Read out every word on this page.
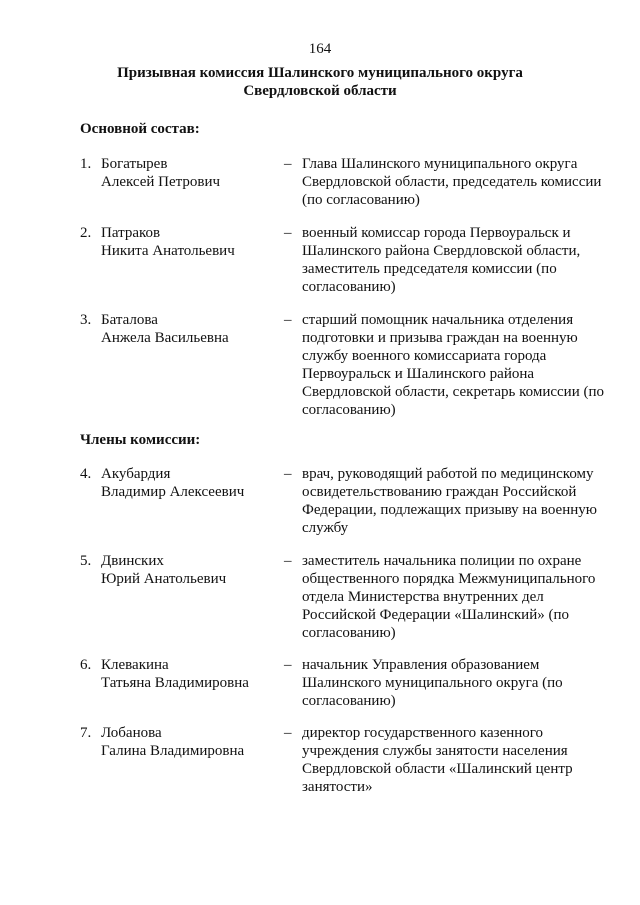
164
Призывная комиссия Шалинского муниципального округа
Свердловской области
Основной состав:
1. Богатырев
Алексей Петрович
– Глава Шалинского муниципального округа Свердловской области, председатель комиссии (по согласованию)
2. Патраков
Никита Анатольевич
– военный комиссар города Первоуральск и Шалинского района Свердловской области, заместитель председателя комиссии (по согласованию)
3. Баталова
Анжела Васильевна
– старший помощник начальника отделения подготовки и призыва граждан на военную службу военного комиссариата города Первоуральск и Шалинского района Свердловской области, секретарь комиссии (по согласованию)
Члены комиссии:
4. Акубардия
Владимир Алексеевич
– врач, руководящий работой по медицинскому освидетельствованию граждан Российской Федерации, подлежащих призыву на военную службу
5. Двинских
Юрий Анатольевич
– заместитель начальника полиции по охране общественного порядка Межмуниципального отдела Министерства внутренних дел Российской Федерации «Шалинский» (по согласованию)
6. Клевакина
Татьяна Владимировна
– начальник Управления образованием Шалинского муниципального округа (по согласованию)
7. Лобанова
Галина Владимировна
– директор государственного казенного учреждения службы занятости населения Свердловской области «Шалинский центр занятости»
